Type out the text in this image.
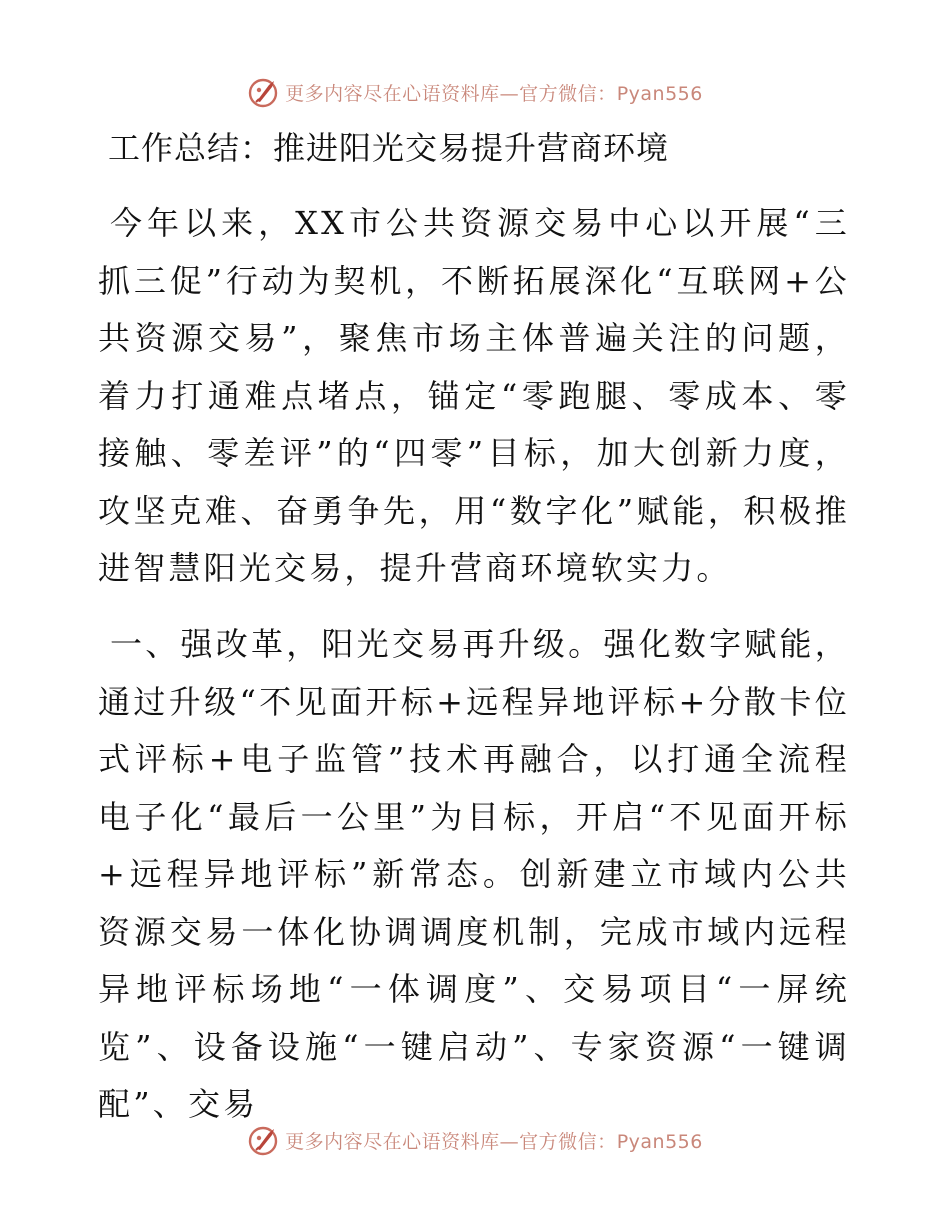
更多内容尽在心语资料库—官方微信：Pyan556
工作总结：推进阳光交易提升营商环境

今年以来，XX市公共资源交易中心以开展“三抓三促”行动为契机，不断拓展深化“互联网+公共资源交易”，聚焦市场主体普遍关注的问题，着力打通难点堵点，锚定“零跑腿、零成本、零接触、零差评”的“四零”目标，加大创新力度，攻坚克难、奋勇争先，用“数字化”赋能，积极推进智慧阳光交易，提升营商环境软实力。

一、强改革，阳光交易再升级。强化数字赋能，通过升级“不见面开标+远程异地评标+分散卡位式评标+电子监管”技术再融合，以打通全流程电子化“最后一公里”为目标，开启“不见面开标+远程异地评标”新常态。创新建立市域内公共资源交易一体化协调调度机制，完成市域内远程异地评标场地“一体调度”、交易项目“一屏统览”、设备设施“一键启动”、专家资源“一键调配”、交易

更多内容尽在心语资料库—官方微信：Pyan556
